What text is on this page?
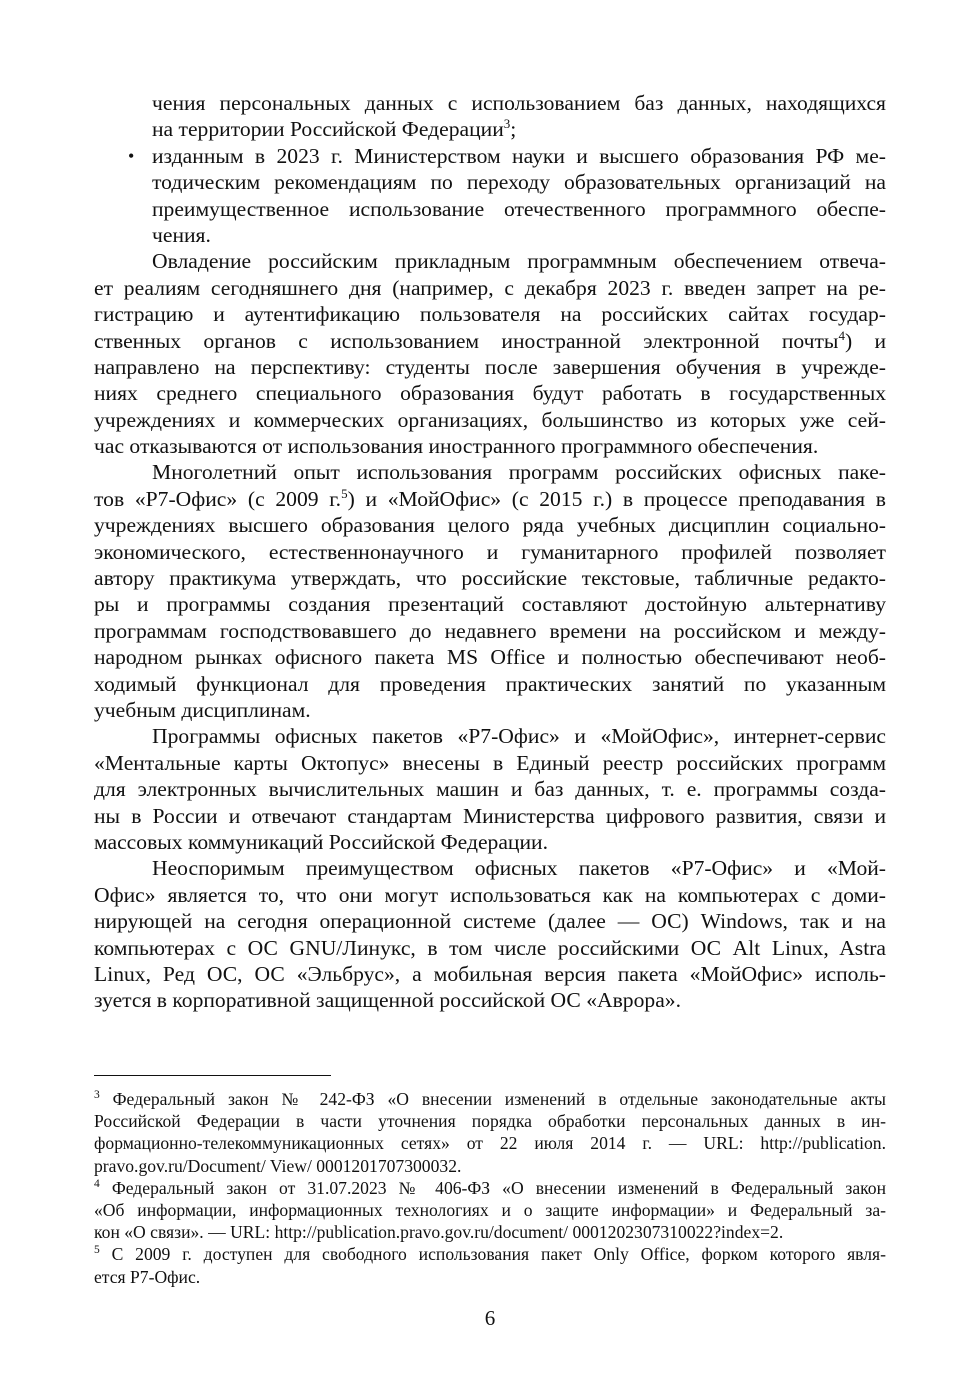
чения персональных данных с использованием баз данных, находящихся
на территории Российской Федерации$^3$;
• изданным в 2023 г. Министерством науки и высшего образования РФ ме-
тодическим рекомендациям по переходу образовательных организаций на
преимущественное использование отечественного программного обеспе-
чения.
Овладение российским прикладным программным обеспечением отвеча-
ет реалиям сегодняшнего дня (например, с декабря 2023 г. введен запрет на ре-
гистрацию и аутентификацию пользователя на российских сайтах государ-
ственных органов с использованием иностранной электронной почты$^4$) и
направлено на перспективу: студенты после завершения обучения в учрежде-
ниях среднего специального образования будут работать в государственных
учреждениях и коммерческих организациях, большинство из которых уже сей-
час отказываются от использования иностранного программного обеспечения.
Многолетний опыт использования программ российских офисных паке-
тов «Р7-Офис» (с 2009 г.$^5$) и «МойОфис» (с 2015 г.) в процессе преподавания в
учреждениях высшего образования целого ряда учебных дисциплин социально-
экономического, естественнонаучного и гуманитарного профилей позволяет
автору практикума утверждать, что российские текстовые, табличные редакто-
ры и программы создания презентаций составляют достойную альтернативу
программам господствовавшего до недавнего времени на российском и между-
народном рынках офисного пакета MS Office и полностью обеспечивают необ-
ходимый функционал для проведения практических занятий по указанным
учебным дисциплинам.
Программы офисных пакетов «Р7-Офис» и «МойОфис», интернет-сервис
«Ментальные карты Октопус» внесены в Единый реестр российских программ
для электронных вычислительных машин и баз данных, т. е. программы созда-
ны в России и отвечают стандартам Министерства цифрового развития, связи и
массовых коммуникаций Российской Федерации.
Неоспоримым преимуществом офисных пакетов «Р7-Офис» и «Мой-
Офис» является то, что они могут использоваться как на компьютерах с доми-
нирующей на сегодня операционной системе (далее — ОС) Windows, так и на
компьютерах с ОС GNU/Линукс, в том числе российскими ОС Alt Linux, Astra
Linux, Ред ОС, ОС «Эльбрус», а мобильная версия пакета «МойОфис» исполь-
зуется в корпоративной защищенной российской ОС «Аврора».
$^3$ Федеральный закон № 242-ФЗ «О внесении изменений в отдельные законодательные акты
Российской Федерации в части уточнения порядка обработки персональных данных в ин-
формационно-телекоммуникационных сетях» от 22 июля 2014 г. — URL: http://publication.
pravo.gov.ru/Document/ View/ 0001201707300032.
$^4$ Федеральный закон от 31.07.2023 № 406-ФЗ «О внесении изменений в Федеральный закон
«Об информации, информационных технологиях и о защите информации» и Федеральный за-
кон «О связи». — URL: http://publication.pravo.gov.ru/document/ 0001202307310022?index=2.
$^5$ С 2009 г. доступен для свободного использования пакет Only Office, форком которого явля-
ется Р7-Офис.
6
